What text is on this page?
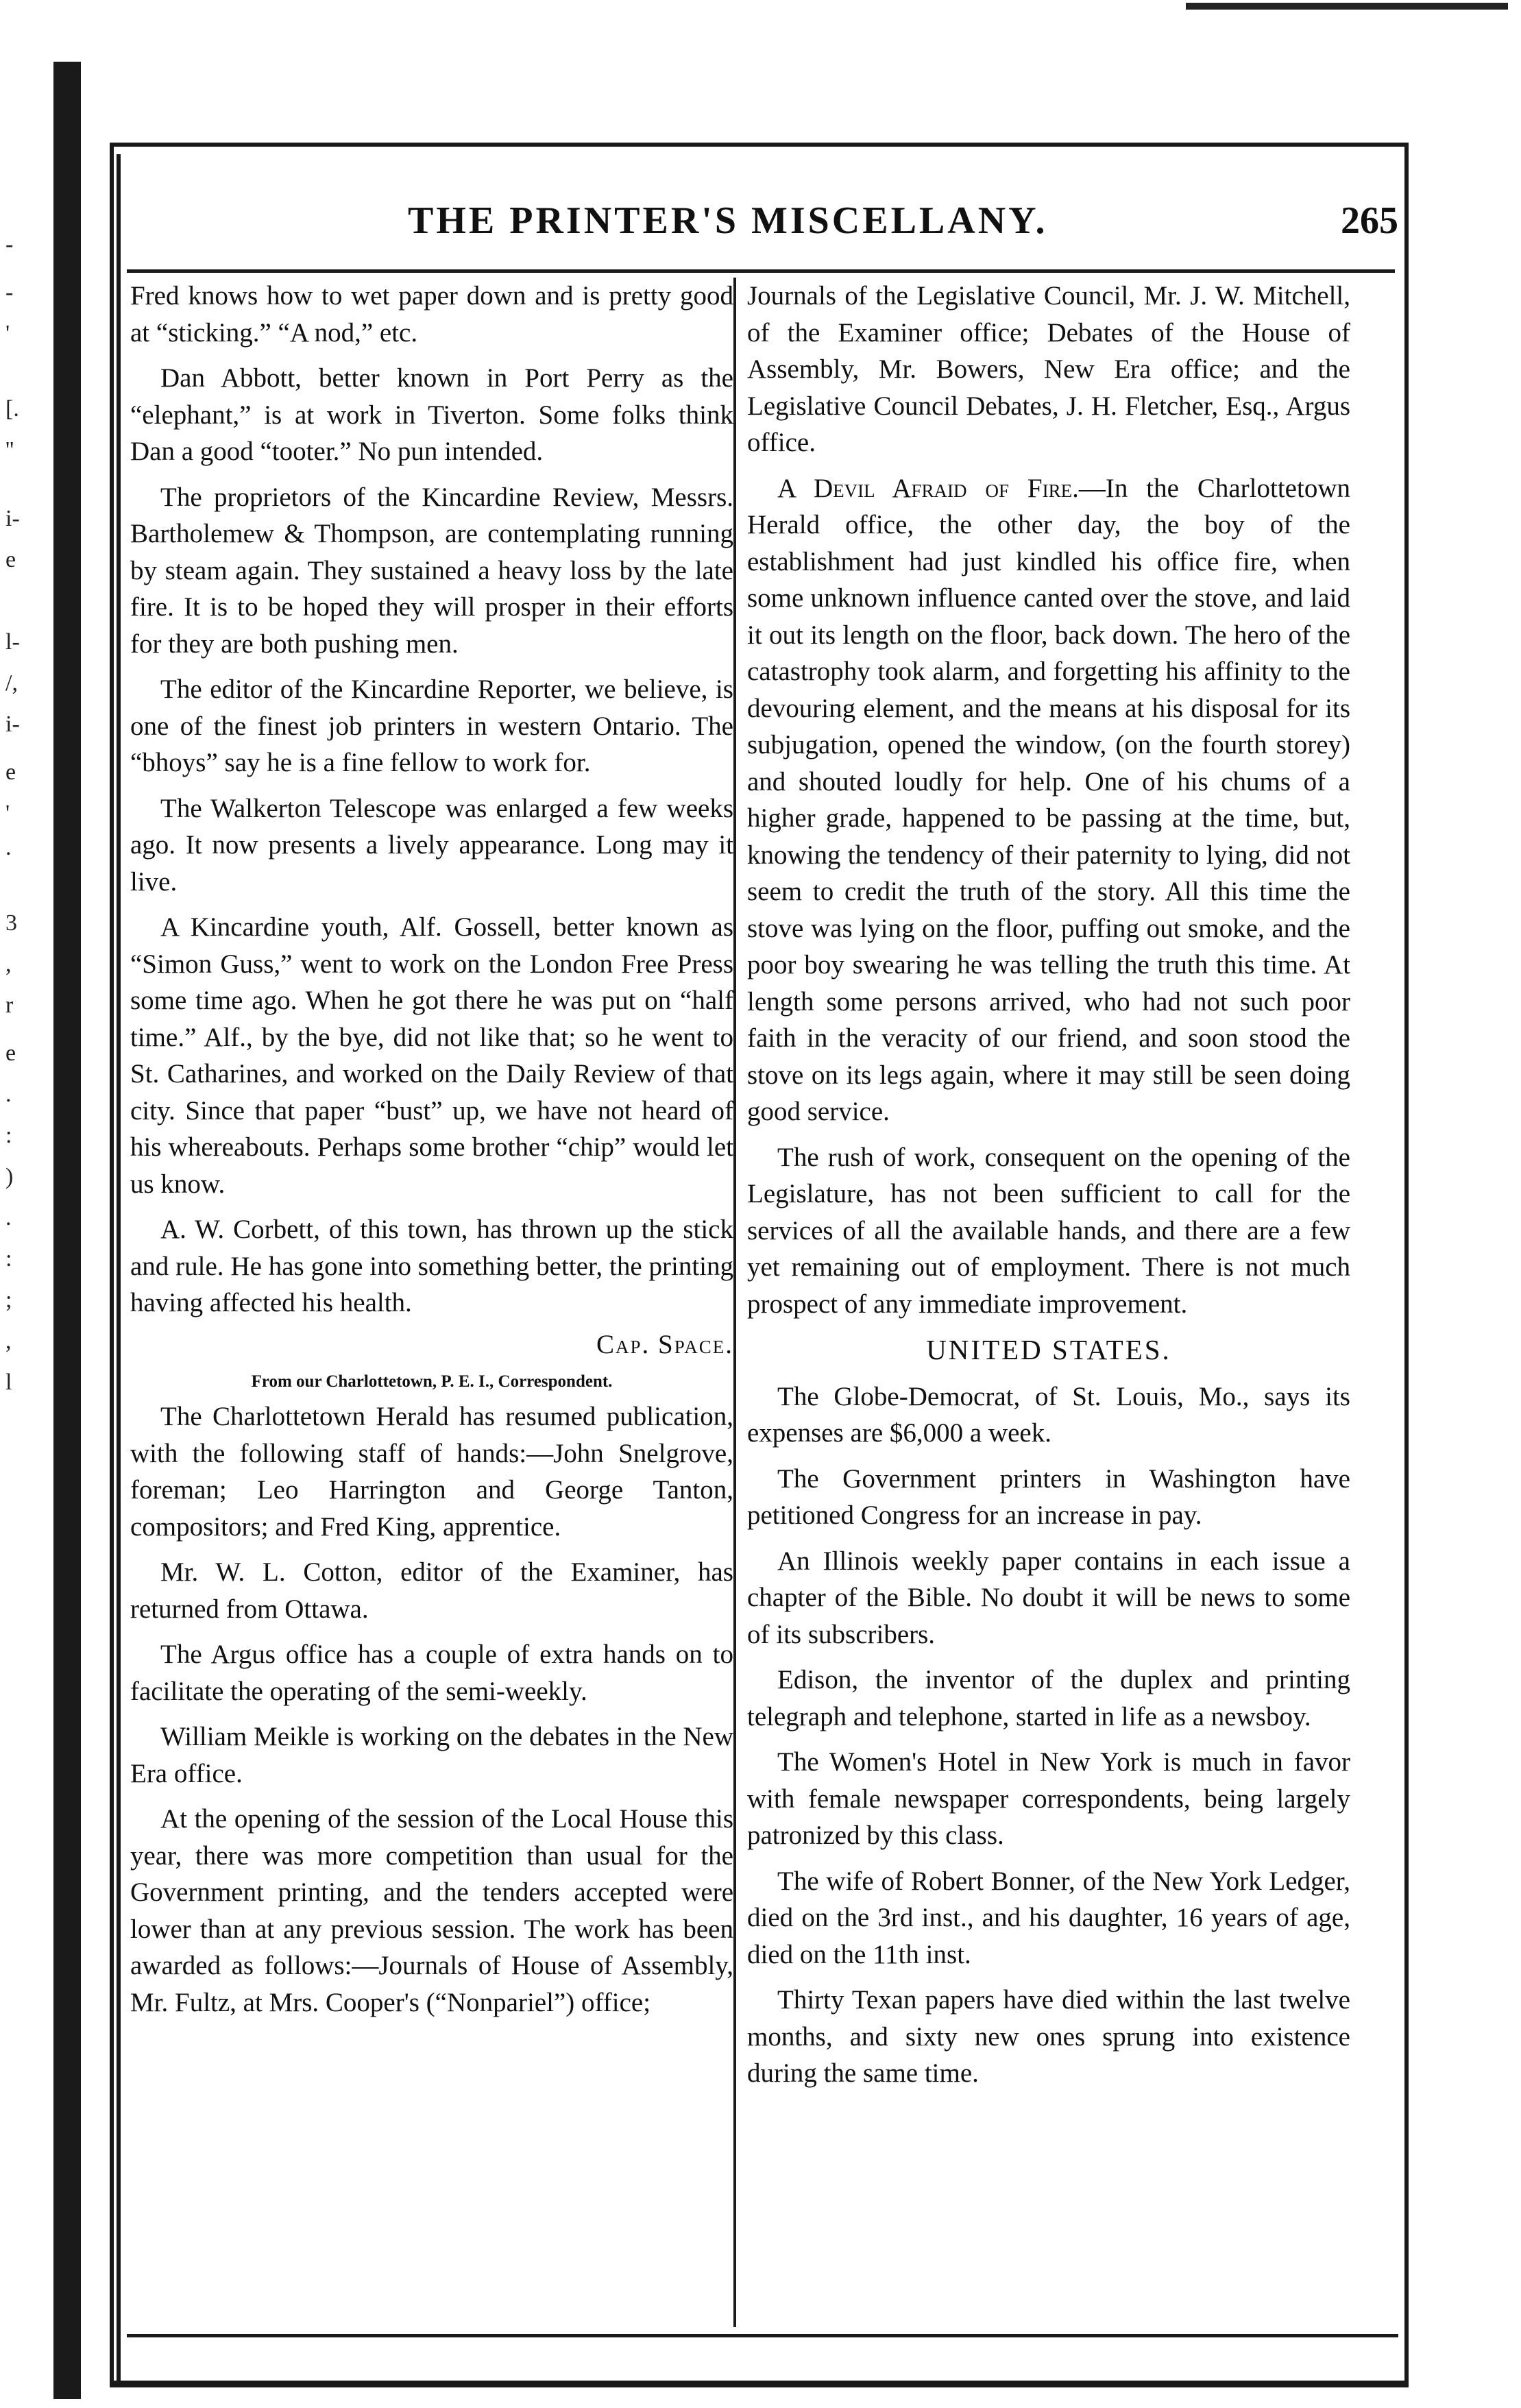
-
-
'
[.
''
i-
e
l-
/,
i-
e
'
.
3
,
r
e
.
:
)
.
:
;
,
l
THE PRINTER'S MISCELLANY.	265

Fred knows how to wet paper down and is pretty good at “sticking.” “A nod,” etc.

Dan Abbott, better known in Port Perry as the “elephant,” is at work in Tiverton. Some folks think Dan a good “tooter.” No pun intended.

The proprietors of the Kincardine Review, Messrs. Bartholemew & Thompson, are contemplating running by steam again. They sustained a heavy loss by the late fire. It is to be hoped they will prosper in their efforts for they are both pushing men.

The editor of the Kincardine Reporter, we believe, is one of the finest job printers in western Ontario. The “bhoys” say he is a fine fellow to work for.

The Walkerton Telescope was enlarged a few weeks ago. It now presents a lively appearance. Long may it live.

A Kincardine youth, Alf. Gossell, better known as “Simon Guss,” went to work on the London Free Press some time ago. When he got there he was put on “half time.” Alf., by the bye, did not like that; so he went to St. Catharines, and worked on the Daily Review of that city. Since that paper “bust” up, we have not heard of his whereabouts. Perhaps some brother “chip” would let us know.

A. W. Corbett, of this town, has thrown up the stick and rule. He has gone into something better, the printing having affected his health.

Cap. Space.
From our Charlottetown, P. E. I., Correspondent.

The Charlottetown Herald has resumed publication, with the following staff of hands:—John Snelgrove, foreman; Leo Harrington and George Tanton, compositors; and Fred King, apprentice.

Mr. W. L. Cotton, editor of the Examiner, has returned from Ottawa.

The Argus office has a couple of extra hands on to facilitate the operating of the semi-weekly.

William Meikle is working on the debates in the New Era office.

At the opening of the session of the Local House this year, there was more competition than usual for the Government printing, and the tenders accepted were lower than at any previous session. The work has been awarded as follows:—Journals of House of Assembly, Mr. Fultz, at Mrs. Cooper's (“Nonpariel”) office;

Journals of the Legislative Council, Mr. J. W. Mitchell, of the Examiner office; Debates of the House of Assembly, Mr. Bowers, New Era office; and the Legislative Council Debates, J. H. Fletcher, Esq., Argus office.

A Devil Afraid of Fire.—In the Charlottetown Herald office, the other day, the boy of the establishment had just kindled his office fire, when some unknown influence canted over the stove, and laid it out its length on the floor, back down. The hero of the catastrophy took alarm, and forgetting his affinity to the devouring element, and the means at his disposal for its subjugation, opened the window, (on the fourth storey) and shouted loudly for help. One of his chums of a higher grade, happened to be passing at the time, but, knowing the tendency of their paternity to lying, did not seem to credit the truth of the story. All this time the stove was lying on the floor, puffing out smoke, and the poor boy swearing he was telling the truth this time. At length some persons arrived, who had not such poor faith in the veracity of our friend, and soon stood the stove on its legs again, where it may still be seen doing good service.

The rush of work, consequent on the opening of the Legislature, has not been sufficient to call for the services of all the available hands, and there are a few yet remaining out of employment. There is not much prospect of any immediate improvement.

UNITED STATES.

The Globe-Democrat, of St. Louis, Mo., says its expenses are $6,000 a week.

The Government printers in Washington have petitioned Congress for an increase in pay.

An Illinois weekly paper contains in each issue a chapter of the Bible. No doubt it will be news to some of its subscribers.

Edison, the inventor of the duplex and printing telegraph and telephone, started in life as a newsboy.

The Women's Hotel in New York is much in favor with female newspaper correspondents, being largely patronized by this class.

The wife of Robert Bonner, of the New York Ledger, died on the 3rd inst., and his daughter, 16 years of age, died on the 11th inst.

Thirty Texan papers have died within the last twelve months, and sixty new ones sprung into existence during the same time.
